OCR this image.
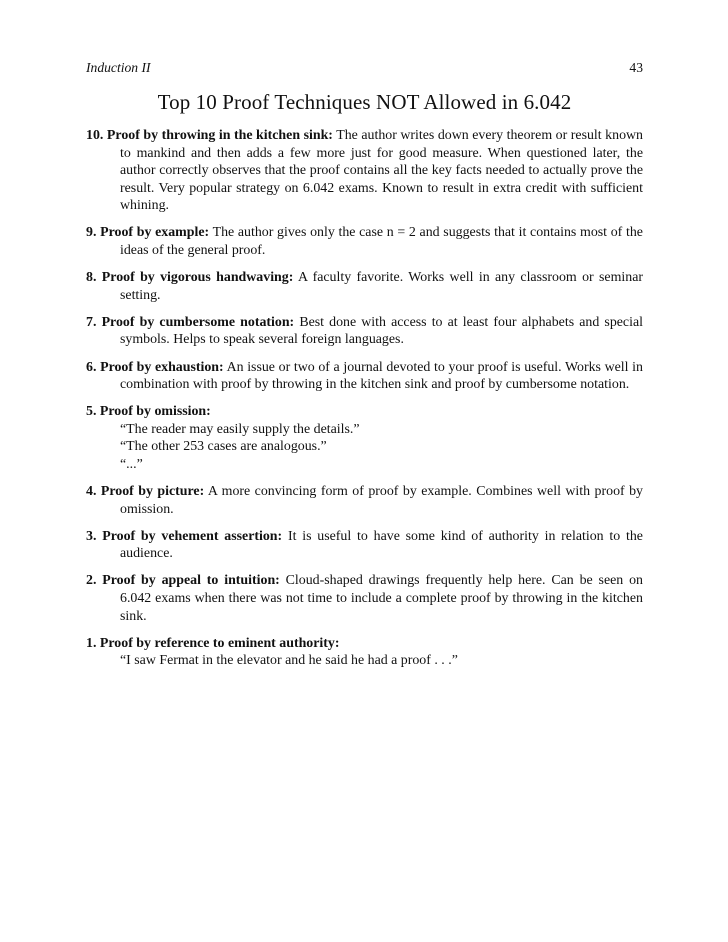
Induction II	43
Top 10 Proof Techniques NOT Allowed in 6.042
10. Proof by throwing in the kitchen sink: The author writes down every theorem or result known to mankind and then adds a few more just for good measure. When questioned later, the author correctly observes that the proof contains all the key facts needed to actually prove the result. Very popular strategy on 6.042 exams. Known to result in extra credit with sufficient whining.
9. Proof by example: The author gives only the case n = 2 and suggests that it contains most of the ideas of the general proof.
8. Proof by vigorous handwaving: A faculty favorite. Works well in any classroom or seminar setting.
7. Proof by cumbersome notation: Best done with access to at least four alphabets and special symbols. Helps to speak several foreign languages.
6. Proof by exhaustion: An issue or two of a journal devoted to your proof is useful. Works well in combination with proof by throwing in the kitchen sink and proof by cumbersome notation.
5. Proof by omission:
“The reader may easily supply the details.”
“The other 253 cases are analogous.”
“...”
4. Proof by picture: A more convincing form of proof by example. Combines well with proof by omission.
3. Proof by vehement assertion: It is useful to have some kind of authority in relation to the audience.
2. Proof by appeal to intuition: Cloud-shaped drawings frequently help here. Can be seen on 6.042 exams when there was not time to include a complete proof by throwing in the kitchen sink.
1. Proof by reference to eminent authority:
“I saw Fermat in the elevator and he said he had a proof . . .”
